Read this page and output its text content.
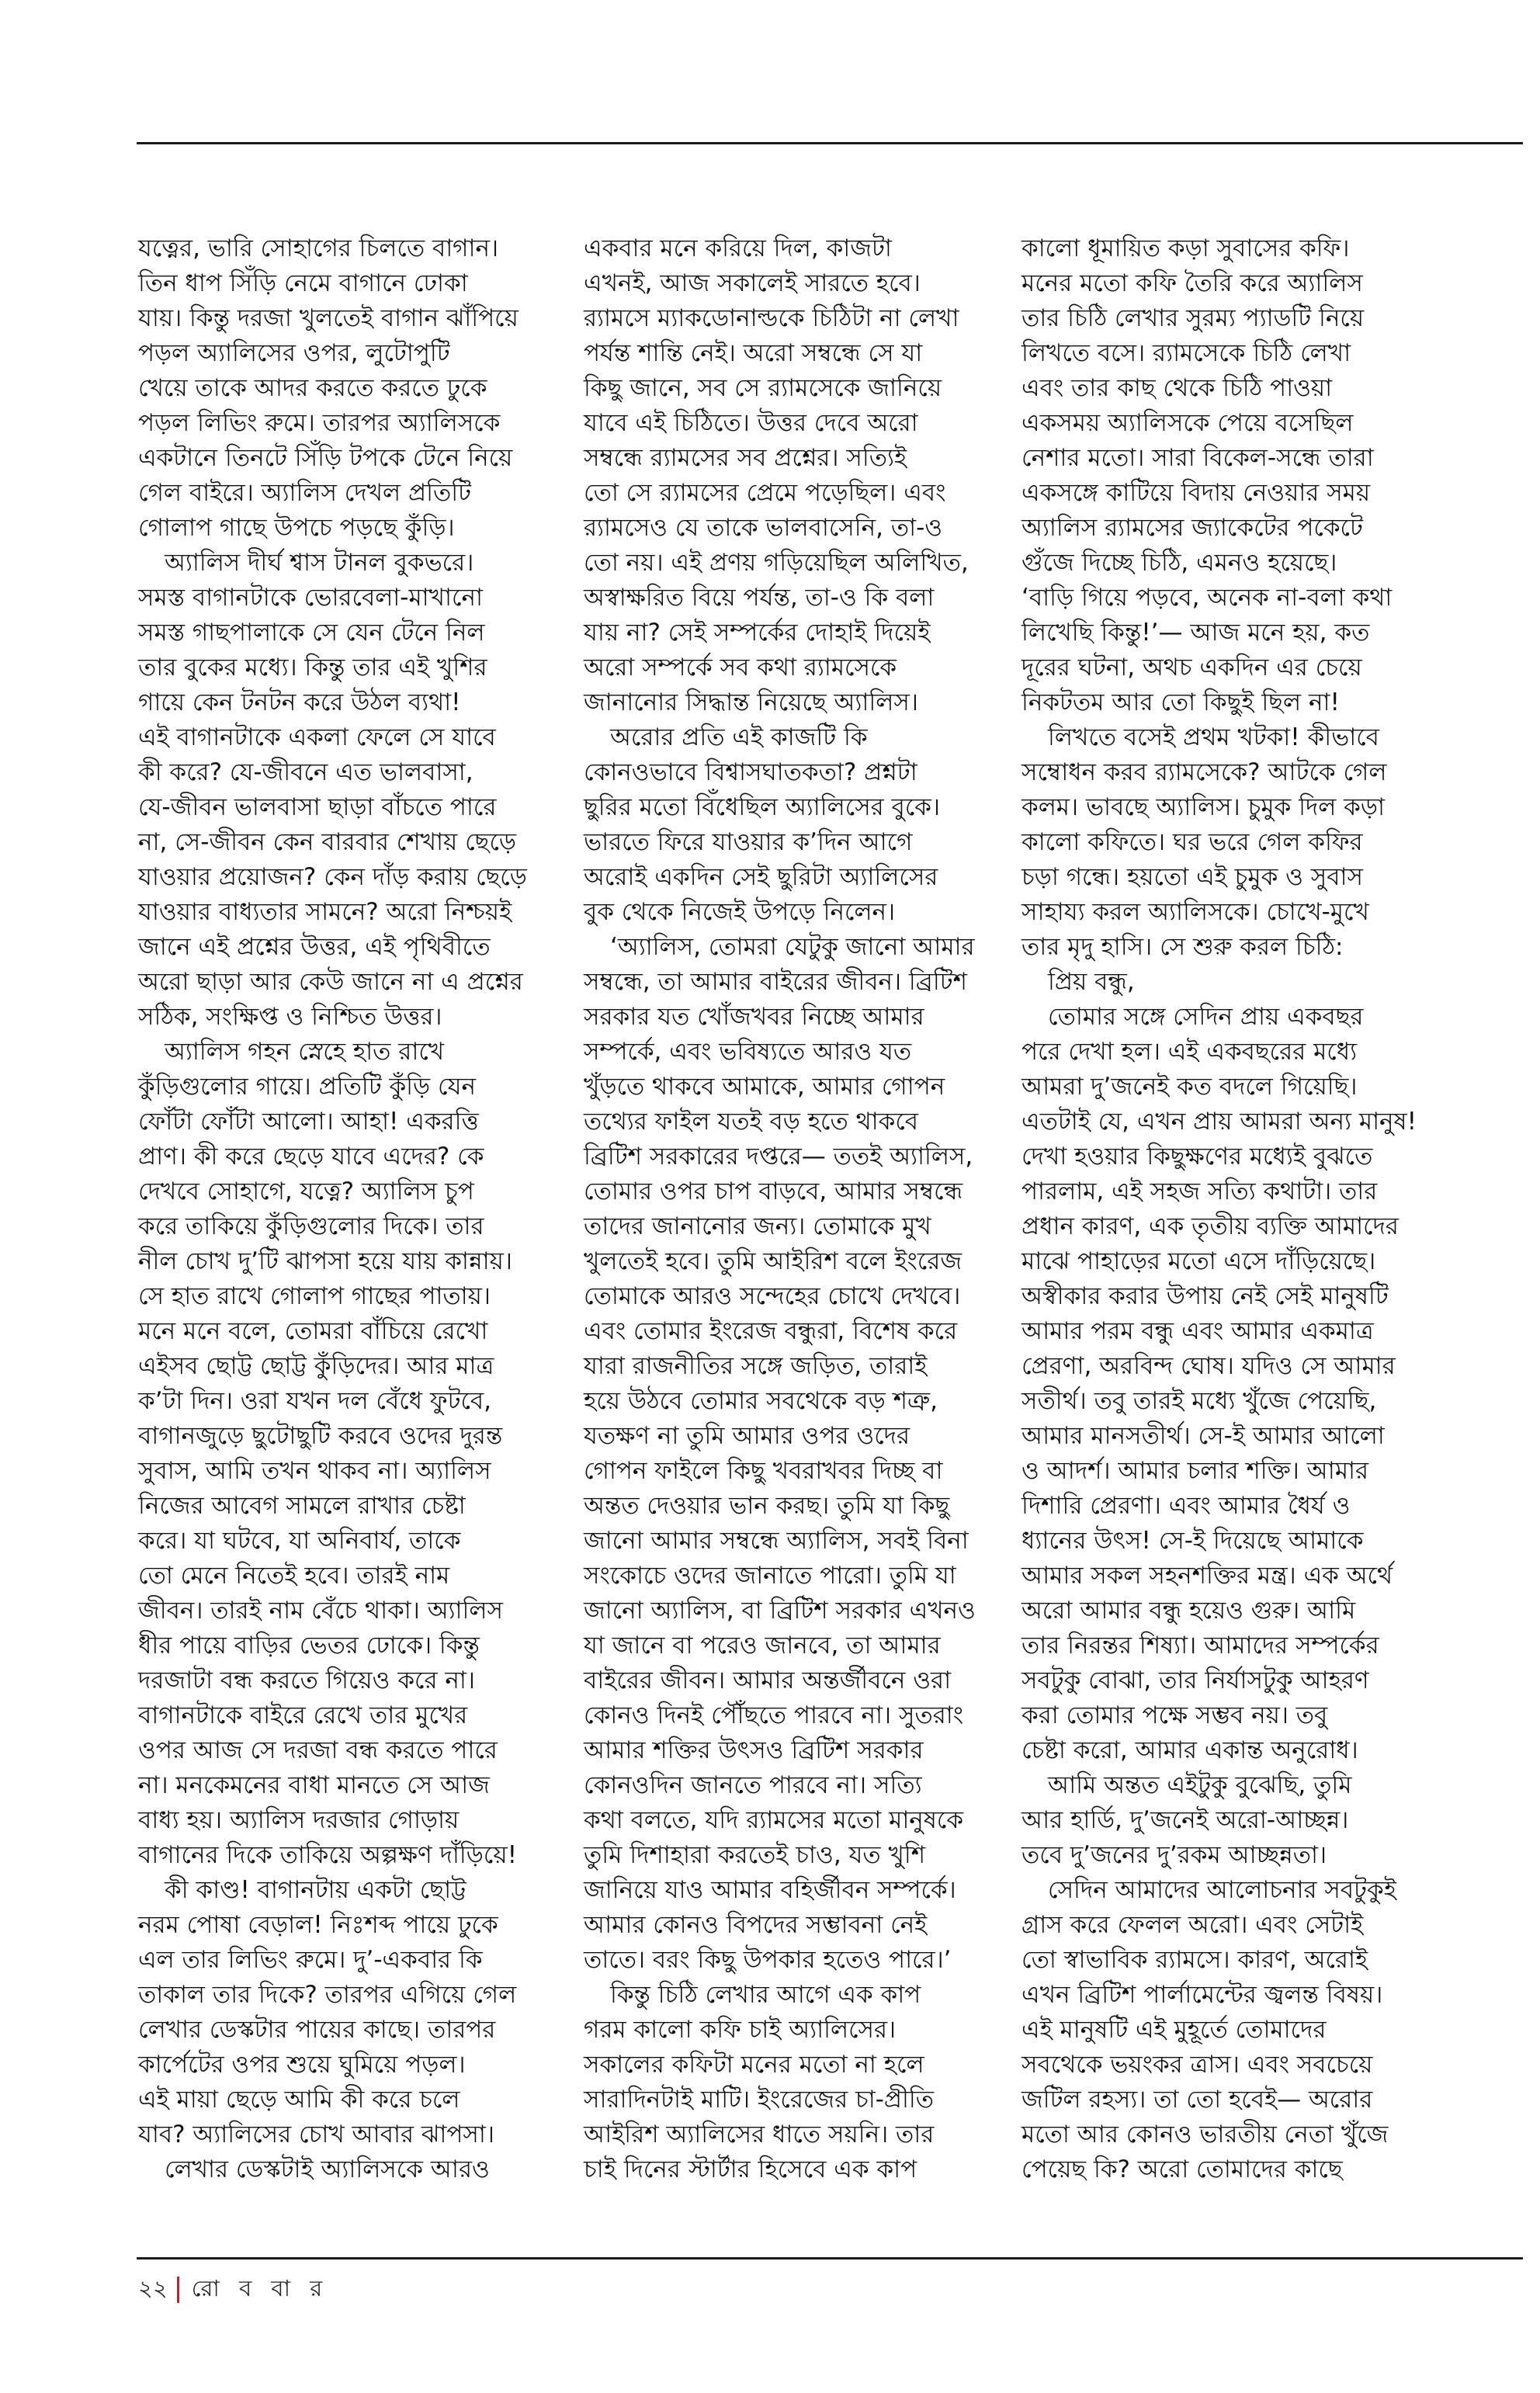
যত্নের, ভারি সোহাগের চিলতে বাগান।
তিন ধাপ সিঁড়ি নেমে বাগানে ঢোকা
যায়। কিন্তু দরজা খুলতেই বাগান ঝাঁপিয়ে
পড়ল অ্যালিসের ওপর, লুটোপুটি
খেয়ে তাকে আদর করতে করতে ঢুকে
পড়ল লিভিং রুমে। তারপর অ্যালিসকে
একটানে তিনটে সিঁড়ি টপকে টেনে নিয়ে
গেল বাইরে। অ্যালিস দেখল প্রতিটি
গোলাপ গাছে উপচে পড়ছে কুঁড়ি।
অ্যালিস দীর্ঘ শ্বাস টানল বুকভরে।
সমস্ত বাগানটাকে ভোরবেলা-মাখানো
সমস্ত গাছপালাকে সে যেন টেনে নিল
তার বুকের মধ্যে। কিন্তু তার এই খুশির
গায়ে কেন টনটন করে উঠল ব্যথা!
এই বাগানটাকে একলা ফেলে সে যাবে
কী করে? যে-জীবনে এত ভালবাসা,
যে-জীবন ভালবাসা ছাড়া বাঁচতে পারে
না, সে-জীবন কেন বারবার শেখায় ছেড়ে
যাওয়ার প্রয়োজন? কেন দাঁড় করায় ছেড়ে
যাওয়ার বাধ্যতার সামনে? অরো নিশ্চয়ই
জানে এই প্রশ্নের উত্তর, এই পৃথিবীতে
অরো ছাড়া আর কেউ জানে না এ প্রশ্নের
সঠিক, সংক্ষিপ্ত ও নিশ্চিত উত্তর।
অ্যালিস গহন স্নেহে হাত রাখে
কুঁড়িগুলোর গায়ে। প্রতিটি কুঁড়ি যেন
ফোঁটা ফোঁটা আলো। আহা! একরত্তি
প্রাণ। কী করে ছেড়ে যাবে এদের? কে
দেখবে সোহাগে, যত্নে? অ্যালিস চুপ
করে তাকিয়ে কুঁড়িগুলোর দিকে। তার
নীল চোখ দু’টি ঝাপসা হয়ে যায় কান্নায়।
সে হাত রাখে গোলাপ গাছের পাতায়।
মনে মনে বলে, তোমরা বাঁচিয়ে রেখো
এইসব ছোট্ট ছোট্ট কুঁড়িদের। আর মাত্র
ক’টা দিন। ওরা যখন দল বেঁধে ফুটবে,
বাগানজুড়ে ছুটোছুটি করবে ওদের দুরন্ত
সুবাস, আমি তখন থাকব না। অ্যালিস
নিজের আবেগ সামলে রাখার চেষ্টা
করে। যা ঘটবে, যা অনিবার্য, তাকে
তো মেনে নিতেই হবে। তারই নাম
জীবন। তারই নাম বেঁচে থাকা। অ্যালিস
ধীর পায়ে বাড়ির ভেতর ঢোকে। কিন্তু
দরজাটা বন্ধ করতে গিয়েও করে না।
বাগানটাকে বাইরে রেখে তার মুখের
ওপর আজ সে দরজা বন্ধ করতে পারে
না। মনকেমনের বাধা মানতে সে আজ
বাধ্য হয়। অ্যালিস দরজার গোড়ায়
বাগানের দিকে তাকিয়ে অল্পক্ষণ দাঁড়িয়ে!
কী কাণ্ড! বাগানটায় একটা ছোট্ট
নরম পোষা বেড়াল! নিঃশব্দ পায়ে ঢুকে
এল তার লিভিং রুমে। দু’-একবার কি
তাকাল তার দিকে? তারপর এগিয়ে গেল
লেখার ডেস্কটার পায়ের কাছে। তারপর
কার্পেটের ওপর শুয়ে ঘুমিয়ে পড়ল।
এই মায়া ছেড়ে আমি কী করে চলে
যাব? অ্যালিসের চোখ আবার ঝাপসা।
লেখার ডেস্কটাই অ্যালিসকে আরও
একবার মনে করিয়ে দিল, কাজটা
এখনই, আজ সকালেই সারতে হবে।
র‍্যামসে ম্যাকডোনাল্ডকে চিঠিটা না লেখা
পর্যন্ত শান্তি নেই। অরো সম্বন্ধে সে যা
কিছু জানে, সব সে র‍্যামসেকে জানিয়ে
যাবে এই চিঠিতে। উত্তর দেবে অরো
সম্বন্ধে র‍্যামসের সব প্রশ্নের। সত্যিই
তো সে র‍্যামসের প্রেমে পড়েছিল। এবং
র‍্যামসেও যে তাকে ভালবাসেনি, তা-ও
তো নয়। এই প্রণয় গড়িয়েছিল অলিখিত,
অস্বাক্ষরিত বিয়ে পর্যন্ত, তা-ও কি বলা
যায় না? সেই সম্পর্কের দোহাই দিয়েই
অরো সম্পর্কে সব কথা র‍্যামসেকে
জানানোর সিদ্ধান্ত নিয়েছে অ্যালিস।
অরোর প্রতি এই কাজটি কি
কোনওভাবে বিশ্বাসঘাতকতা? প্রশ্নটা
ছুরির মতো বিঁধেছিল অ্যালিসের বুকে।
ভারতে ফিরে যাওয়ার ক’দিন আগে
অরোই একদিন সেই ছুরিটা অ্যালিসের
বুক থেকে নিজেই উপড়ে নিলেন।
‘অ্যালিস, তোমরা যেটুকু জানো আমার
সম্বন্ধে, তা আমার বাইরের জীবন। ব্রিটিশ
সরকার যত খোঁজখবর নিচ্ছে আমার
সম্পর্কে, এবং ভবিষ্যতে আরও যত
খুঁড়তে থাকবে আমাকে, আমার গোপন
তথ্যের ফাইল যতই বড় হতে থাকবে
ব্রিটিশ সরকারের দপ্তরে— ততই অ্যালিস,
তোমার ওপর চাপ বাড়বে, আমার সম্বন্ধে
তাদের জানানোর জন্য। তোমাকে মুখ
খুলতেই হবে। তুমি আইরিশ বলে ইংরেজ
তোমাকে আরও সন্দেহের চোখে দেখবে।
এবং তোমার ইংরেজ বন্ধুরা, বিশেষ করে
যারা রাজনীতির সঙ্গে জড়িত, তারাই
হয়ে উঠবে তোমার সবথেকে বড় শত্রু,
যতক্ষণ না তুমি আমার ওপর ওদের
গোপন ফাইলে কিছু খবরাখবর দিচ্ছ বা
অন্তত দেওয়ার ভান করছ। তুমি যা কিছু
জানো আমার সম্বন্ধে অ্যালিস, সবই বিনা
সংকোচে ওদের জানাতে পারো। তুমি যা
জানো অ্যালিস, বা ব্রিটিশ সরকার এখনও
যা জানে বা পরেও জানবে, তা আমার
বাইরের জীবন। আমার অন্তর্জীবনে ওরা
কোনও দিনই পৌঁছতে পারবে না। সুতরাং
আমার শক্তির উৎসও ব্রিটিশ সরকার
কোনওদিন জানতে পারবে না। সত্যি
কথা বলতে, যদি র‍্যামসের মতো মানুষকে
তুমি দিশাহারা করতেই চাও, যত খুশি
জানিয়ে যাও আমার বহির্জীবন সম্পর্কে।
আমার কোনও বিপদের সম্ভাবনা নেই
তাতে। বরং কিছু উপকার হতেও পারে।’
কিন্তু চিঠি লেখার আগে এক কাপ
গরম কালো কফি চাই অ্যালিসের।
সকালের কফিটা মনের মতো না হলে
সারাদিনটাই মাটি। ইংরেজের চা-প্রীতি
আইরিশ অ্যালিসের ধাতে সয়নি। তার
চাই দিনের স্টার্টার হিসেবে এক কাপ
কালো ধূমায়িত কড়া সুবাসের কফি।
মনের মতো কফি তৈরি করে অ্যালিস
তার চিঠি লেখার সুরম্য প্যাডটি নিয়ে
লিখতে বসে। র‍্যামসেকে চিঠি লেখা
এবং তার কাছ থেকে চিঠি পাওয়া
একসময় অ্যালিসকে পেয়ে বসেছিল
নেশার মতো। সারা বিকেল-সন্ধে তারা
একসঙ্গে কাটিয়ে বিদায় নেওয়ার সময়
অ্যালিস র‍্যামসের জ্যাকেটের পকেটে
গুঁজে দিচ্ছে চিঠি, এমনও হয়েছে।
‘বাড়ি গিয়ে পড়বে, অনেক না-বলা কথা
লিখেছি কিন্তু!’— আজ মনে হয়, কত
দূরের ঘটনা, অথচ একদিন এর চেয়ে
নিকটতম আর তো কিছুই ছিল না!
লিখতে বসেই প্রথম খটকা! কীভাবে
সম্বোধন করব র‍্যামসেকে? আটকে গেল
কলম। ভাবছে অ্যালিস। চুমুক দিল কড়া
কালো কফিতে। ঘর ভরে গেল কফির
চড়া গন্ধে। হয়তো এই চুমুক ও সুবাস
সাহায্য করল অ্যালিসকে। চোখে-মুখে
তার মৃদু হাসি। সে শুরু করল চিঠি:
প্রিয় বন্ধু,
তোমার সঙ্গে সেদিন প্রায় একবছর
পরে দেখা হল। এই একবছরের মধ্যে
আমরা দু’জনেই কত বদলে গিয়েছি।
এতটাই যে, এখন প্রায় আমরা অন্য মানুষ!
দেখা হওয়ার কিছুক্ষণের মধ্যেই বুঝতে
পারলাম, এই সহজ সত্যি কথাটা। তার
প্রধান কারণ, এক তৃতীয় ব্যক্তি আমাদের
মাঝে পাহাড়ের মতো এসে দাঁড়িয়েছে।
অস্বীকার করার উপায় নেই সেই মানুষটি
আমার পরম বন্ধু এবং আমার একমাত্র
প্রেরণা, অরবিন্দ ঘোষ। যদিও সে আমার
সতীর্থ। তবু তারই মধ্যে খুঁজে পেয়েছি,
আমার মানসতীর্থ। সে-ই আমার আলো
ও আদর্শ। আমার চলার শক্তি। আমার
দিশারি প্রেরণা। এবং আমার ধৈর্য ও
ধ্যানের উৎস! সে-ই দিয়েছে আমাকে
আমার সকল সহনশক্তির মন্ত্র। এক অর্থে
অরো আমার বন্ধু হয়েও গুরু। আমি
তার নিরন্তর শিষ্যা। আমাদের সম্পর্কের
সবটুকু বোঝা, তার নির্যাসটুকু আহরণ
করা তোমার পক্ষে সম্ভব নয়। তবু
চেষ্টা করো, আমার একান্ত অনুরোধ।
আমি অন্তত এইটুকু বুঝেছি, তুমি
আর হার্ডি, দু’জনেই অরো-আচ্ছন্ন।
তবে দু’জনের দু’রকম আচ্ছন্নতা।
সেদিন আমাদের আলোচনার সবটুকুই
গ্রাস করে ফেলল অরো। এবং সেটাই
তো স্বাভাবিক র‍্যামসে। কারণ, অরোই
এখন ব্রিটিশ পার্লামেন্টের জ্বলন্ত বিষয়।
এই মানুষটি এই মুহূর্তে তোমাদের
সবথেকে ভয়ংকর ত্রাস। এবং সবচেয়ে
জটিল রহস্য। তা তো হবেই— অরোর
মতো আর কোনও ভারতীয় নেতা খুঁজে
পেয়েছ কি? অরো তোমাদের কাছে
২২ রো ব বা র
